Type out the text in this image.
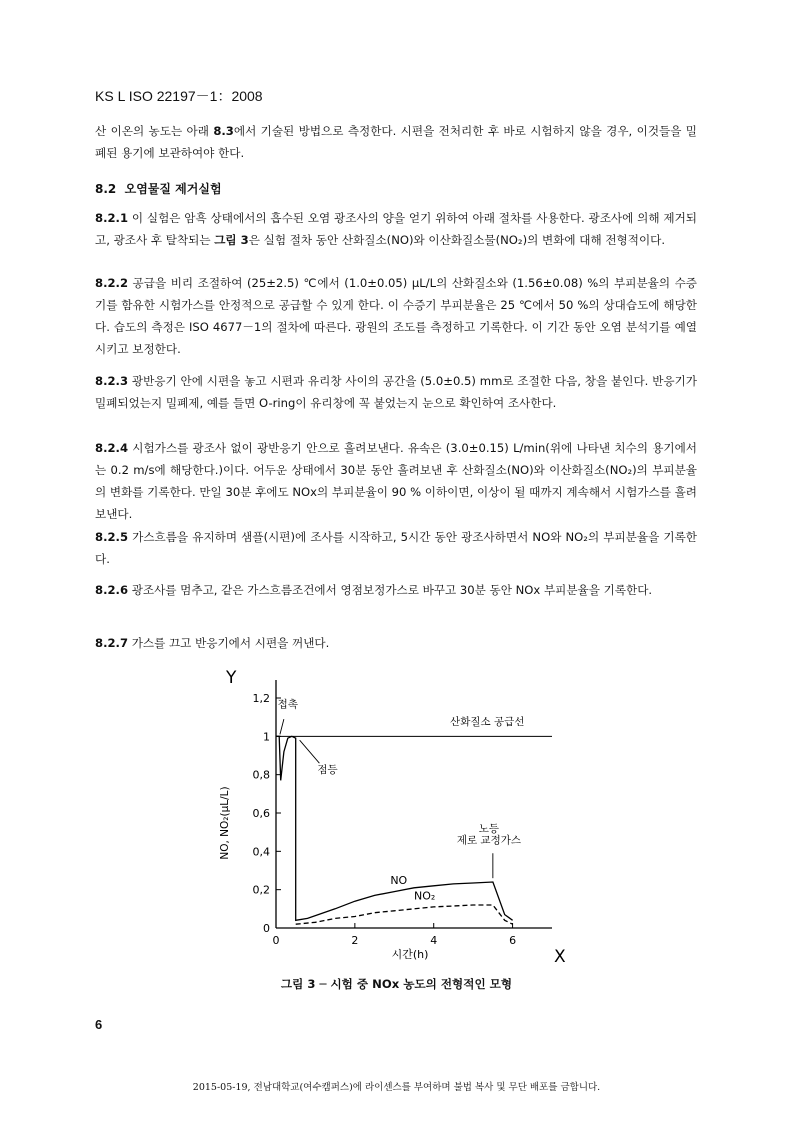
KS L ISO 22197－1：2008

산 이온의 농도는 아래 8.3에서 기술된 방법으로 측정한다. 시편을 전처리한 후 바로 시험하지 않을 경우, 이것들을 밀폐된 용기에 보관하여야 한다.

8.2 오염물질 제거실험

8.2.1 이 실험은 암흑 상태에서의 흡수된 오염 광조사의 양을 얻기 위하여 아래 절차를 사용한다. 광조사에 의해 제거되고, 광조사 후 탈착되는 그림 3은 실험 절차 동안 산화질소(NO)와 이산화질소물(NO₂)의 변화에 대해 전형적이다.

8.2.2 공급을 비리 조절하여 (25±2.5) ℃에서 (1.0±0.05) μL/L의 산화질소와 (1.56±0.08) %의 부피분율의 수증기를 함유한 시험가스를 안정적으로 공급할 수 있게 한다. 이 수증기 부피분율은 25 ℃에서 50 %의 상대습도에 해당한다. 습도의 측정은 ISO 4677－1의 절차에 따른다. 광원의 조도를 측정하고 기록한다. 이 기간 동안 오염 분석기를 예열시키고 보정한다.

8.2.3 광반응기 안에 시편을 놓고 시편과 유리창 사이의 공간을 (5.0±0.5) mm로 조절한 다음, 창을 붙인다. 반응기가 밀폐되었는지 밀폐제, 예를 들면 O-ring이 유리창에 꼭 붙었는지 눈으로 확인하여 조사한다.

8.2.4 시험가스를 광조사 없이 광반응기 안으로 흘려보낸다. 유속은 (3.0±0.15) L/min(위에 나타낸 치수의 용기에서는 0.2 m/s에 해당한다.)이다. 어두운 상태에서 30분 동안 흘려보낸 후 산화질소(NO)와 이산화질소(NO₂)의 부피분율의 변화를 기록한다. 만일 30분 후에도 NOx의 부피분율이 90 % 이하이면, 이상이 될 때까지 계속해서 시험가스를 흘려보낸다.

8.2.5 가스흐름을 유지하며 샘플(시편)에 조사를 시작하고, 5시간 동안 광조사하면서 NO와 NO₂의 부피분율을 기록한다.

8.2.6 광조사를 멈추고, 같은 가스흐름조건에서 영점보정가스로 바꾸고 30분 동안 NOx 부피분율을 기록한다.

8.2.7 가스를 끄고 반응기에서 시편을 꺼낸다.

Y
X
0
0,2
0,4
0,6
0,8
1
1,2
0	2	4	6
시간(h)
NO, NO₂(μL/L)
접촉
산화질소 공급선
점등
노등
제로 교정가스
NO
NO₂
그림 3 ─ 시험 중 NOx 농도의 전형적인 모형
6
2015-05-19, 전남대학교(여수캠퍼스)에 라이센스를 부여하며 불법 복사 및 무단 배포를 금합니다.
